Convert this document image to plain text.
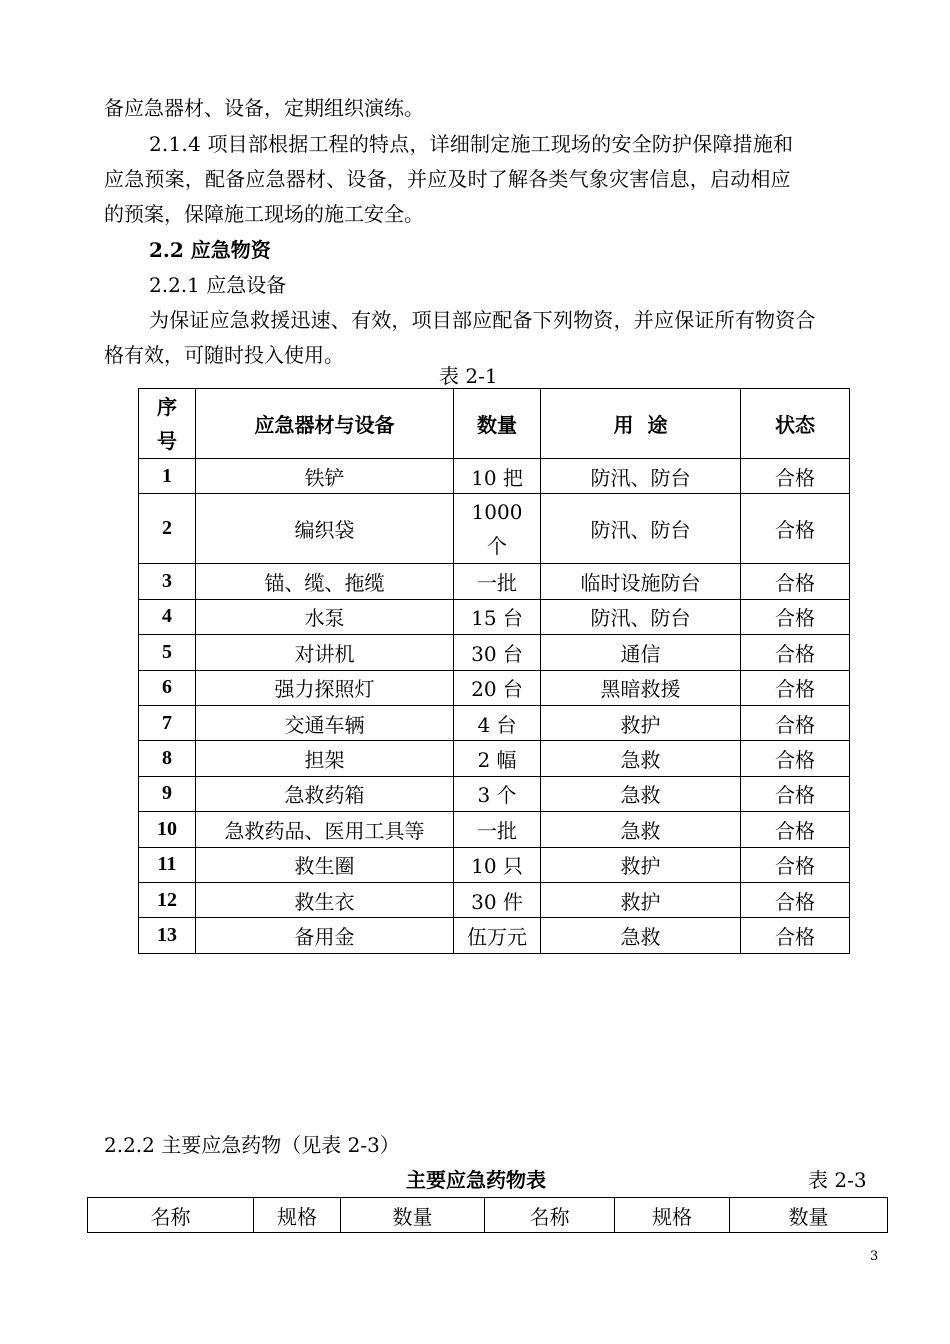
备应急器材、设备，定期组织演练。
2.1.4 项目部根据工程的特点，详细制定施工现场的安全防护保障措施和
应急预案，配备应急器材、设备，并应及时了解各类气象灾害信息，启动相应
的预案，保障施工现场的施工安全。
2.2 应急物资
2.2.1 应急设备
为保证应急救援迅速、有效，项目部应配备下列物资，并应保证所有物资合
格有效，可随时投入使用。
表 2-1
序号	应急器材与设备	数量	用  途	状态
1	铁铲	10 把	防汛、防台	合格
2	编织袋	1000 个	防汛、防台	合格
3	锚、缆、拖缆	一批	临时设施防台	合格
4	水泵	15 台	防汛、防台	合格
5	对讲机	30 台	通信	合格
6	强力探照灯	20 台	黑暗救援	合格
7	交通车辆	4 台	救护	合格
8	担架	2 幅	急救	合格
9	急救药箱	3 个	急救	合格
10	急救药品、医用工具等	一批	急救	合格
11	救生圈	10 只	救护	合格
12	救生衣	30 件	救护	合格
13	备用金	伍万元	急救	合格
2.2.2 主要应急药物（见表 2-3）
主要应急药物表	表 2-3
名称	规格	数量	名称	规格	数量
3
